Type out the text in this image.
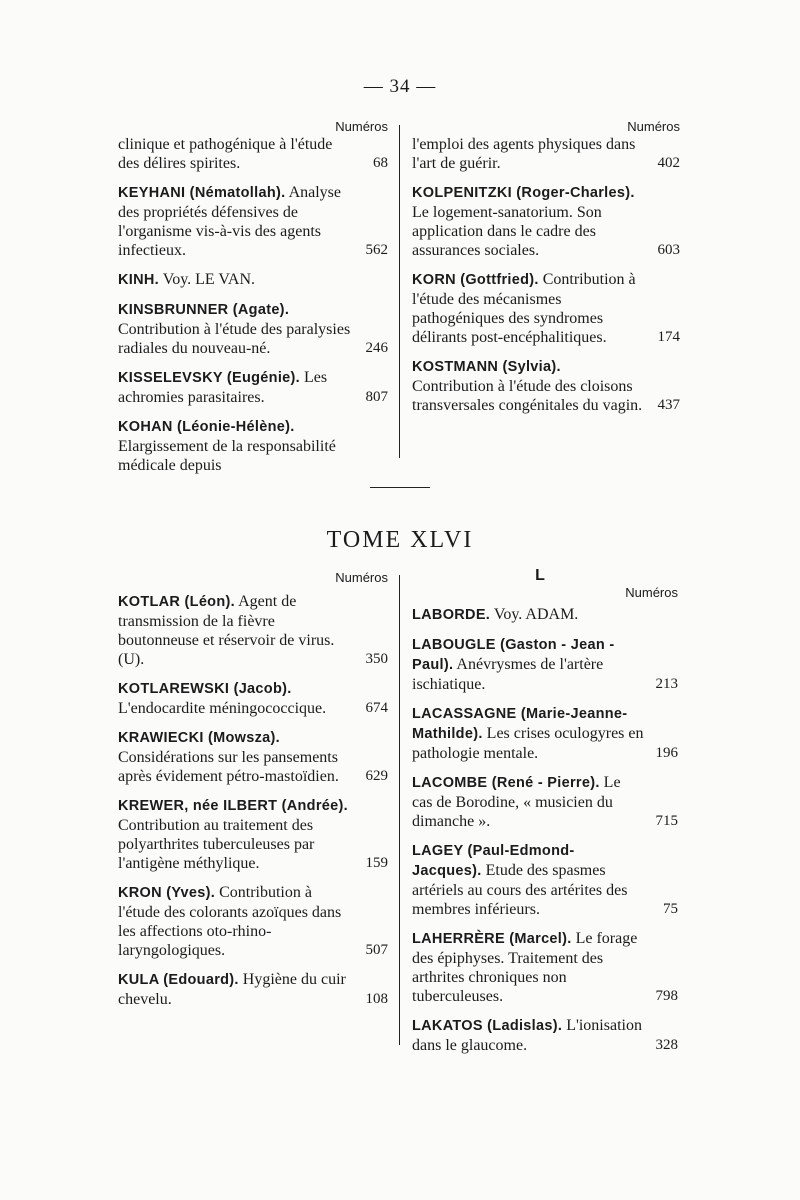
— 34 —
Numéros	Numéros
clinique et pathogénique à l'étude des délires spirites.	68
KEYHANI (Nématollah). Analyse des propriétés défensives de l'organisme vis-à-vis des agents infectieux.	562
KINH. Voy. LE VAN.
KINSBRUNNER (Agate). Contribution à l'étude des paralysies radiales du nouveau-né.	246
KISSELEVSKY (Eugénie). Les achromies parasitaires.	807
KOHAN (Léonie-Hélène). Elargissement de la responsabilité médicale depuis
l'emploi des agents physiques dans l'art de guérir.	402
KOLPENITZKI (Roger-Charles). Le logement-sanatorium. Son application dans le cadre des assurances sociales.	603
KORN (Gottfried). Contribution à l'étude des mécanismes pathogéniques des syndromes délirants post-encéphalitiques.	174
KOSTMANN (Sylvia). Contribution à l'étude des cloisons transversales congénitales du vagin.	437
TOME XLVI
Numéros	L
Numéros
KOTLAR (Léon). Agent de transmission de la fièvre boutonneuse et réservoir de virus. (U).	350
KOTLAREWSKI (Jacob). L'endocardite méningococcique.	674
KRAWIECKI (Mowsza). Considérations sur les pansements après évidement pétro-mastoïdien.	629
KREWER, née ILBERT (Andrée). Contribution au traitement des polyarthrites tuberculeuses par l'antigène méthylique.	159
KRON (Yves). Contribution à l'étude des colorants azoïques dans les affections oto-rhino-laryngologiques.	507
KULA (Edouard). Hygiène du cuir chevelu.	108
LABORDE. Voy. ADAM.
LABOUGLE (Gaston - Jean - Paul). Anévrysmes de l'artère ischiatique.	213
LACASSAGNE (Marie-Jeanne-Mathilde). Les crises oculogyres en pathologie mentale.	196
LACOMBE (René - Pierre). Le cas de Borodine, « musicien du dimanche ».	715
LAGEY (Paul-Edmond-Jacques). Etude des spasmes artériels au cours des artérites des membres inférieurs.	75
LAHERRÈRE (Marcel). Le forage des épiphyses. Traitement des arthrites chroniques non tuberculeuses.	798
LAKATOS (Ladislas). L'ionisation dans le glaucome.	328
